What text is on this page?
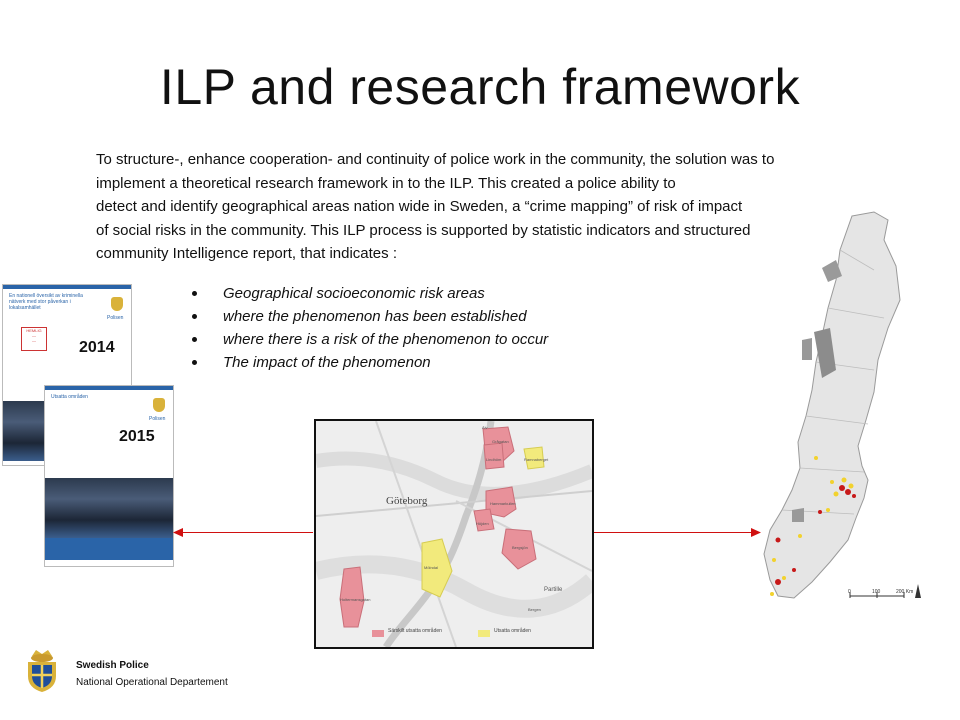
ILP and research framework
To structure-, enhance cooperation- and continuity of police work in the community, the solution was to
implement a theoretical research framework in to the ILP. This created a police ability to
detect and identify geographical areas nation wide in Sweden, a “crime mapping” of risk of impact
of social risks in the community. This ILP process is supported by statistic indicators and structured
community Intelligence report, that indicates :
Geographical socioeconomic risk areas
where the phenomenon has been established
where there is a risk of the phenomenon to occur
The impact of the phenomenon
En nationell översikt av kriminella nätverk med stor påverkan i lokalsamhället
Polisen
HEMLIG
—
—	2014
Utsatta områden
Polisen
2015
Göteborg
Älv
Grågatan
Lindhöm	Ramnaberget
Hammarkullen
Höjden
Bergsjön
Mölndal
Partille
Holtermansgatan
Bergen
Särskilt utsatta områden	Utsatta områden
0	100	200 Km
Swedish Police
National Operational Departement
